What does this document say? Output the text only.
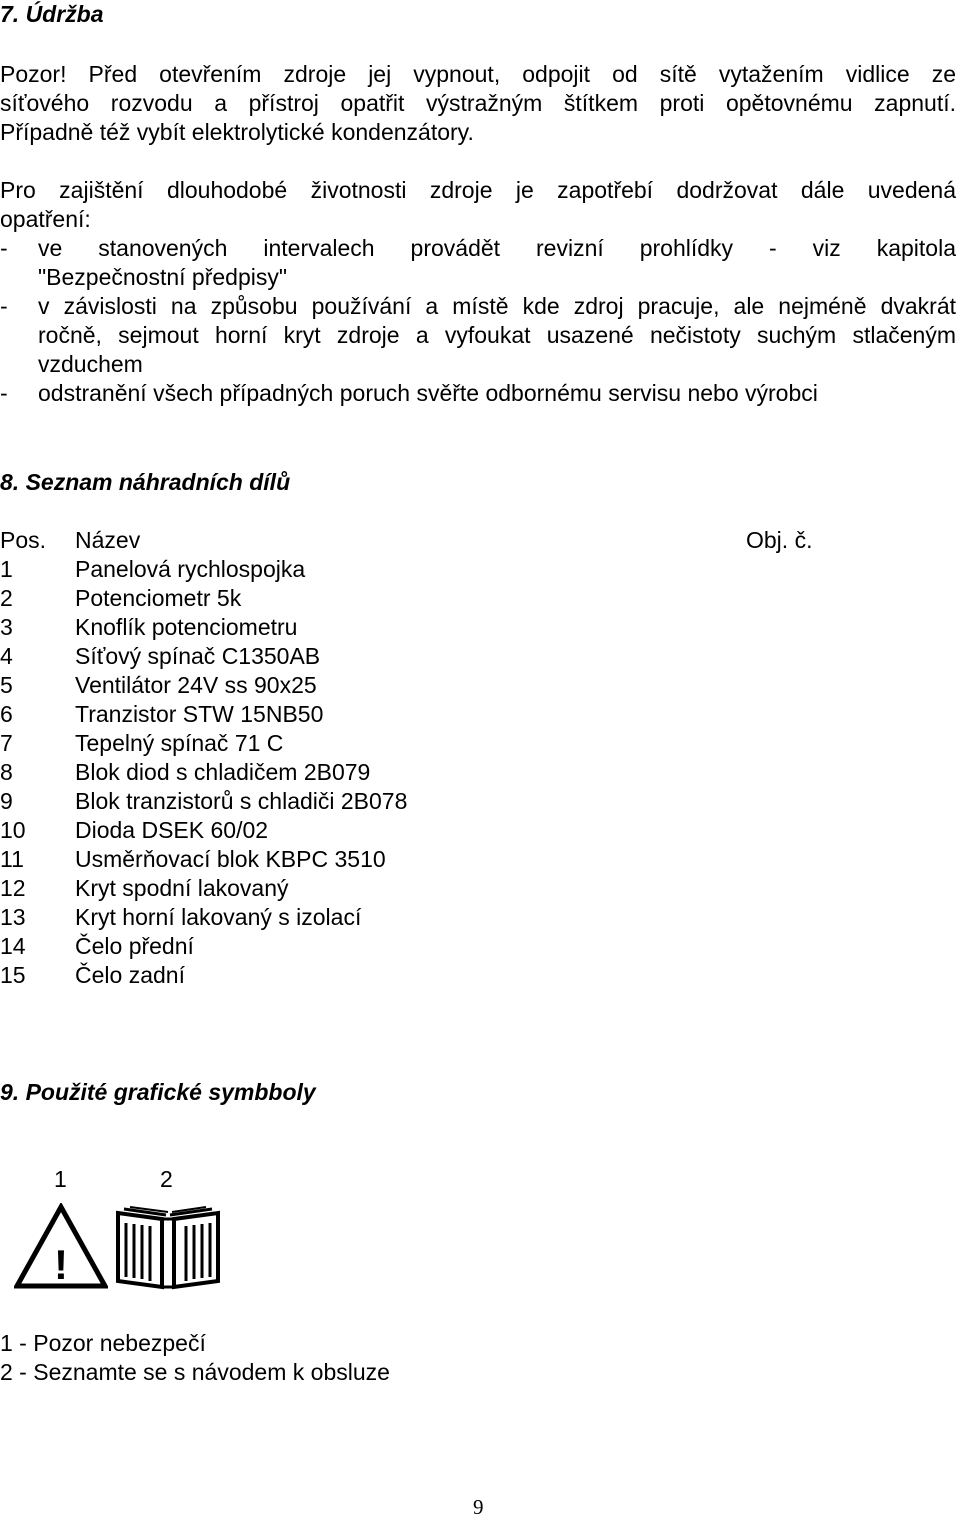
7. Údržba
Pozor! Před otevřením zdroje jej vypnout, odpojit od sítě vytažením vidlice ze
síťového rozvodu a přístroj opatřit výstražným štítkem proti opětovnému zapnutí.
Případně též vybít elektrolytické kondenzátory.
Pro zajištění dlouhodobé životnosti zdroje je zapotřebí dodržovat dále uvedená
opatření:
- ve stanovených intervalech provádět revizní prohlídky - viz kapitola
"Bezpečnostní předpisy"
- v závislosti na způsobu používání a místě kde zdroj pracuje, ale nejméně dvakrát
ročně, sejmout horní kryt zdroje a vyfoukat usazené nečistoty suchým stlačeným
vzduchem
- odstranění všech případných poruch svěřte odbornému servisu nebo výrobci
8. Seznam náhradních dílů
Pos. Název	Obj. č.
1	Panelová rychlospojka
2	Potenciometr 5k
3	Knoflík potenciometru
4	Síťový spínač C1350AB
5	Ventilátor 24V ss 90x25
6	Tranzistor STW 15NB50
7	Tepelný spínač 71 C
8	Blok diod s chladičem 2B079
9	Blok tranzistorů s chladiči 2B078
10 Dioda DSEK 60/02
11 Usměrňovací blok KBPC 3510
12 Kryt spodní lakovaný
13 Kryt horní lakovaný s izolací
14 Čelo přední
15 Čelo zadní
9. Použité grafické symbboly
1	2
!
1 - Pozor nebezpečí
2 - Seznamte se s návodem k obsluze
9
